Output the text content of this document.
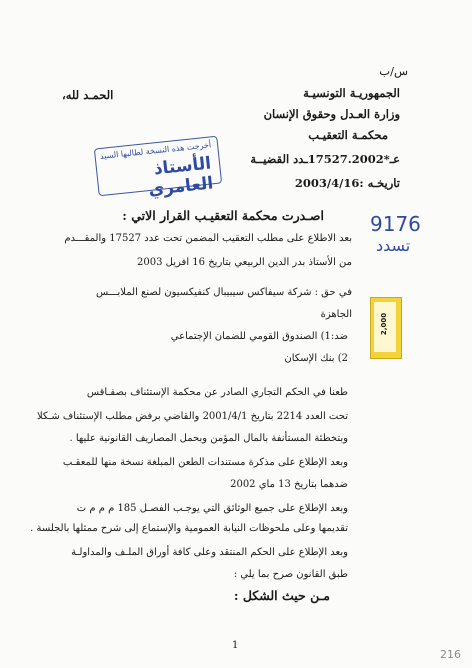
س/ب
الجمهوريـة التونسيـة
وزارة العـدل وحقوق الإنسان
محكمـة التعقيـب
عـ*17527.2002ـدد القضيــة
تاريخـه :2003/4/16
الحمـد لله،
أخرجت هذه النسخة لطالبها السيد
الأستاذ العامري
9176
تسدد
2,000
اصـدرت محكمة التعقيـب القرار الاتي :
بعد الاطلاع على مطلب التعقيب المضمن تحت عدد 17527 والمقـــدم
من الأستاذ بدر الدين الربيعي بتاريخ 16 افريل 2003
في حق : شركة سيفاكس سيبيبال كنفيكسيون لصنع الملابـــس
الجاهزة
ضد:1) الصندوق القومي للضمان الإجتماعي
2) بنك الإسكان
طعنا في الحكم التجاري الصادر عن محكمة الإستئناف بصفـاقس
تحت العدد 2214 بتاريخ 2001/4/1 والقاضي برفض مطلب الإستئناف شـكلا
وبتخطئة المستأنفة بالمال المؤمن وبحمل المصاريف القانونية عليها .
وبعد الإطلاع على مذكرة مستندات الطعن المبلغة نسخة منها للمعقـب
ضدهما بتاريخ 13 ماي 2002
وبعد الإطلاع على جميع الوثائق التي يوجـب الفصـل 185 م م م ت
تقديمها وعلى ملحوظات النيابة العمومية والإستماع إلى شرح ممثلها بالجلسة .
وبعد الإطلاع على الحكم المنتقد وعلى كافة أوراق الملـف والمداولـة
طبق القانون صرح بما يلي :
مـن حيث الشكل :
1
216
